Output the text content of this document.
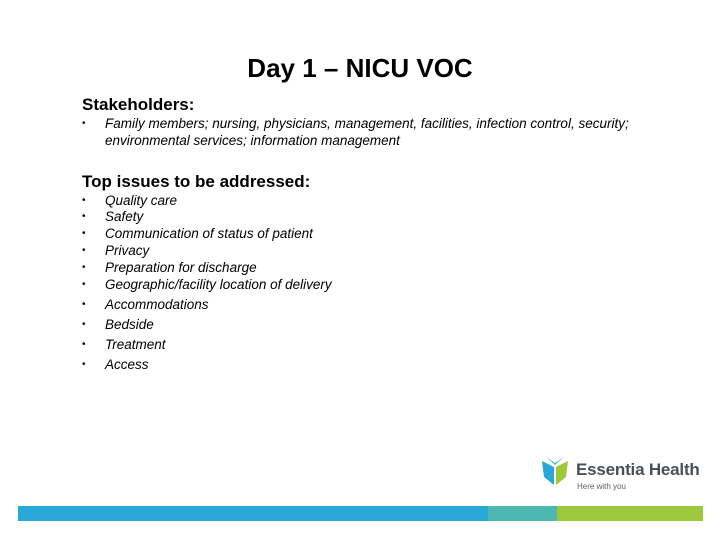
Day 1 – NICU VOC
Stakeholders:
•	Family members; nursing, physicians, management, facilities, infection control, security; environmental services; information management
Top issues to be addressed:
•	Quality care
•	Safety
•	Communication of status of patient
•	Privacy
•	Preparation for discharge
•	Geographic/facility location of delivery
•	Accommodations
•	Bedside
•	Treatment
•	Access
Essentia Health
Here with you
